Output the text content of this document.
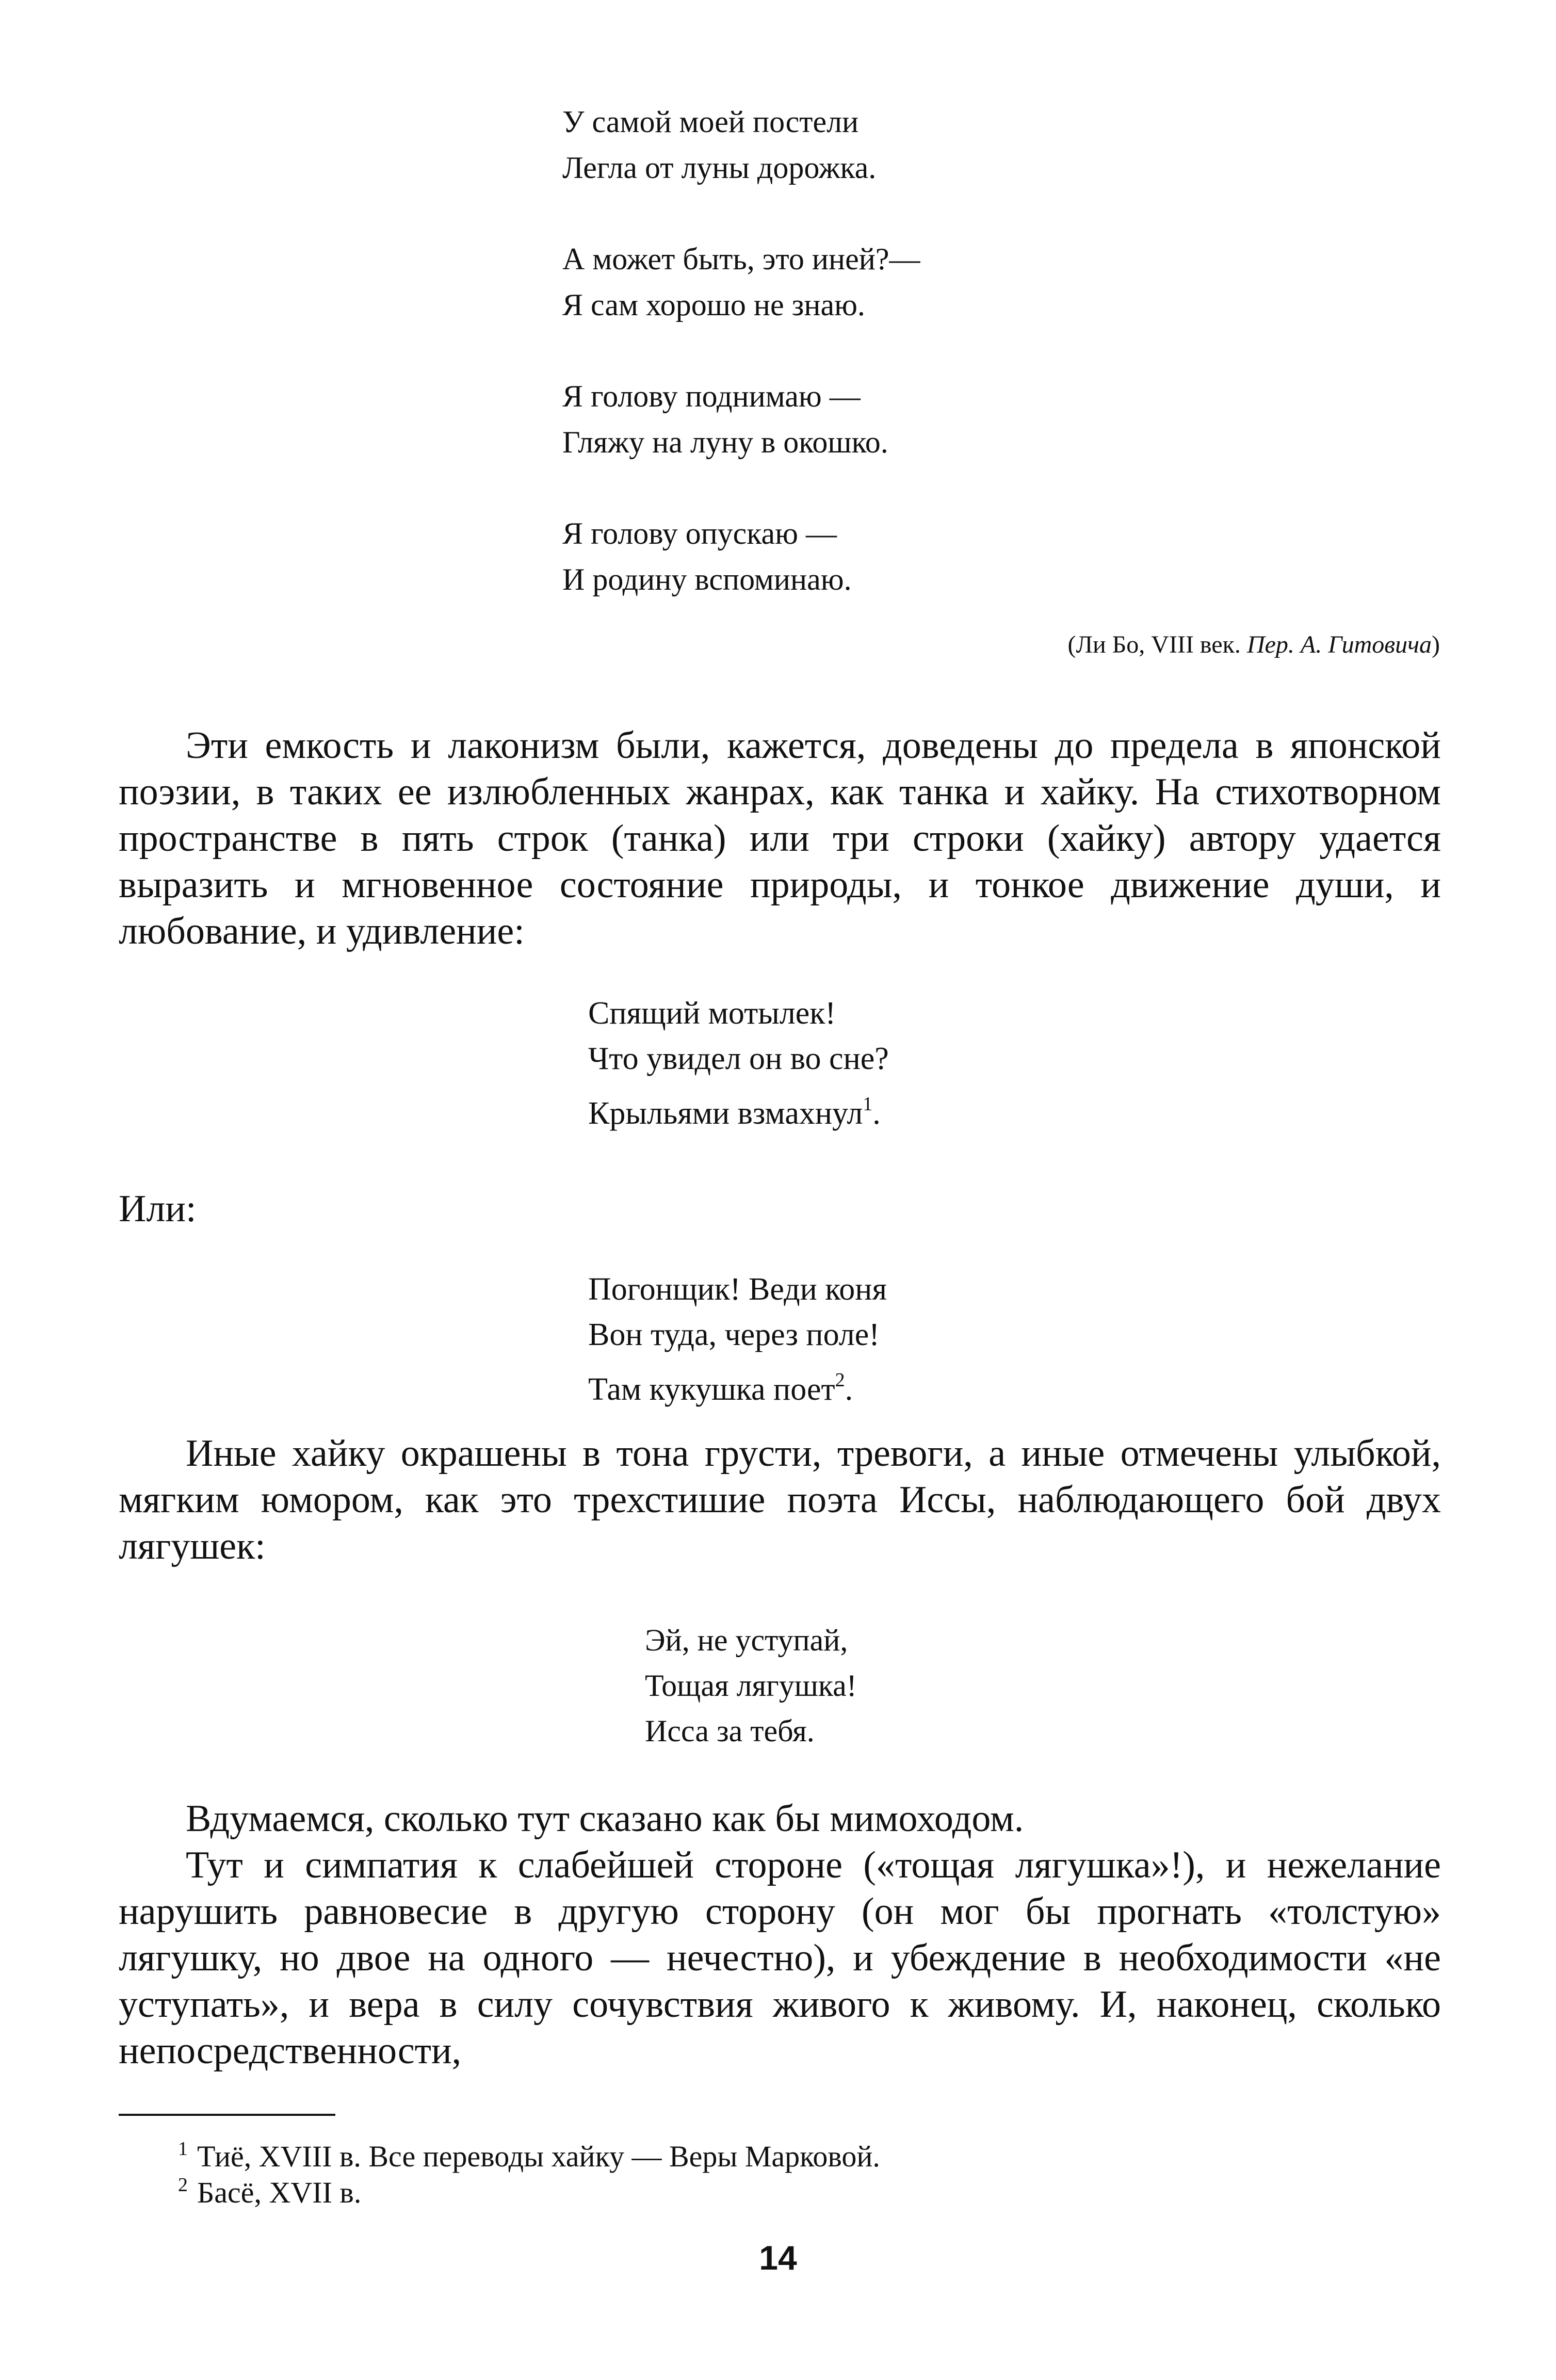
У самой моей постели
Легла от луны дорожка.
А может быть, это иней?—
Я сам хорошо не знаю.
Я голову поднимаю —
Гляжу на луну в окошко.
Я голову опускаю —
И родину вспоминаю.
(Ли Бо, VIII век. Пер. А. Гитовича)

Эти емкость и лаконизм были, кажется, доведены до предела в японской поэзии, в таких ее излюбленных жанрах, как танка и хайку. На стихотворном пространстве в пять строк (танка) или три строки (хайку) автору удается выразить и мгновенное состояние природы, и тонкое движение души, и любование, и удивление:

Спящий мотылек!
Что увидел он во сне?
Крыльями взмахнул$^1$.
Или:
Погонщик! Веди коня
Вон туда, через поле!
Там кукушка поет$^2$.

Иные хайку окрашены в тона грусти, тревоги, а иные отмечены улыбкой, мягким юмором, как это трехстишие поэта Иссы, наблюдающего бой двух лягушек:

Эй, не уступай,
Тощая лягушка!
Исса за тебя.
Вдумаемся, сколько тут сказано как бы мимоходом.
Тут и симпатия к слабейшей стороне («тощая лягушка»!), и нежелание нарушить равновесие в другую сторону (он мог бы прогнать «толстую» лягушку, но двое на одного — нечестно), и убеждение в необходимости «не уступать», и вера в силу сочувствия живого к живому. И, наконец, сколько непосредственности,
$^1$ Тиё, XVIII в. Все переводы хайку — Веры Марковой.
$^2$ Басё, XVII в.
14
